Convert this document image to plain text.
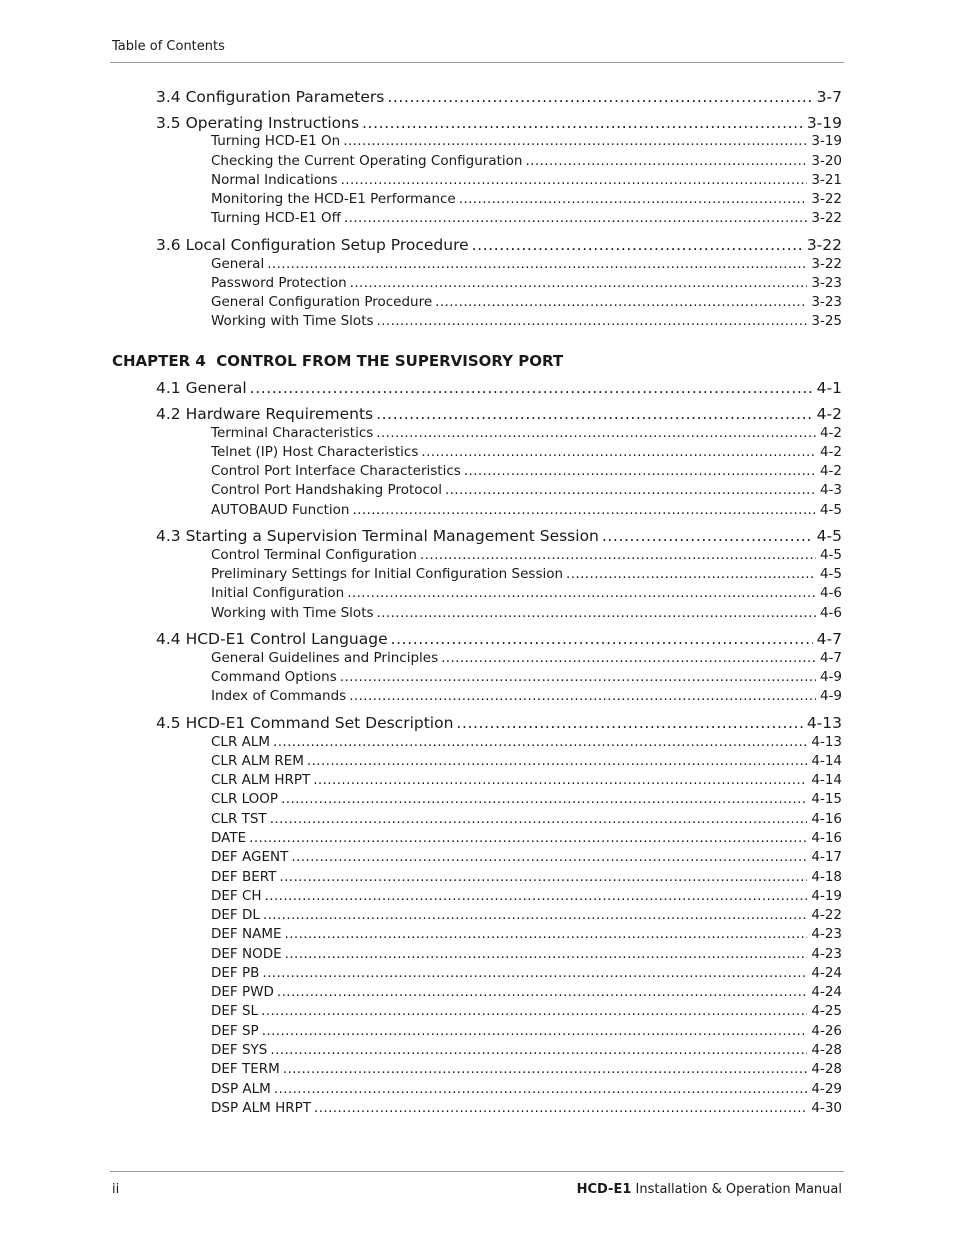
Table of Contents
CHAPTER 4  CONTROL FROM THE SUPERVISORY PORT
3.4 Configuration Parameters .....	3-7
3.5 Operating Instructions .....	3-19
Turning HCD-E1 On .....	3-19
Checking the Current Operating Configuration .....	3-20
Normal Indications .....	3-21
Monitoring the HCD-E1 Performance .....	3-22
Turning HCD-E1 Off .....	3-22
3.6 Local Configuration Setup Procedure .....	3-22
General .....	3-22
Password Protection .....	3-23
General Configuration Procedure .....	3-23
Working with Time Slots .....	3-25
4.1 General .....	4-1
4.2 Hardware Requirements .....	4-2
Terminal Characteristics .....	4-2
Telnet (IP) Host Characteristics .....	4-2
Control Port Interface Characteristics .....	4-2
Control Port Handshaking Protocol .....	4-3
AUTOBAUD Function .....	4-5
4.3 Starting a Supervision Terminal Management Session .....	4-5
Control Terminal Configuration .....	4-5
Preliminary Settings for Initial Configuration Session .....	4-5
Initial Configuration .....	4-6
Working with Time Slots .....	4-6
4.4 HCD-E1 Control Language .....	4-7
General Guidelines and Principles .....	4-7
Command Options .....	4-9
Index of Commands .....	4-9
4.5 HCD-E1 Command Set Description .....	4-13
CLR ALM .....	4-13
CLR ALM REM .....	4-14
CLR ALM HRPT .....	4-14
CLR LOOP .....	4-15
CLR TST .....	4-16
DATE .....	4-16
DEF AGENT .....	4-17
DEF BERT .....	4-18
DEF CH .....	4-19
DEF DL .....	4-22
DEF NAME .....	4-23
DEF NODE .....	4-23
DEF PB .....	4-24
DEF PWD .....	4-24
DEF SL .....	4-25
DEF SP .....	4-26
DEF SYS .....	4-28
DEF TERM .....	4-28
DSP ALM .....	4-29
DSP ALM HRPT .....	4-30
ii	HCD-E1 Installation & Operation Manual
